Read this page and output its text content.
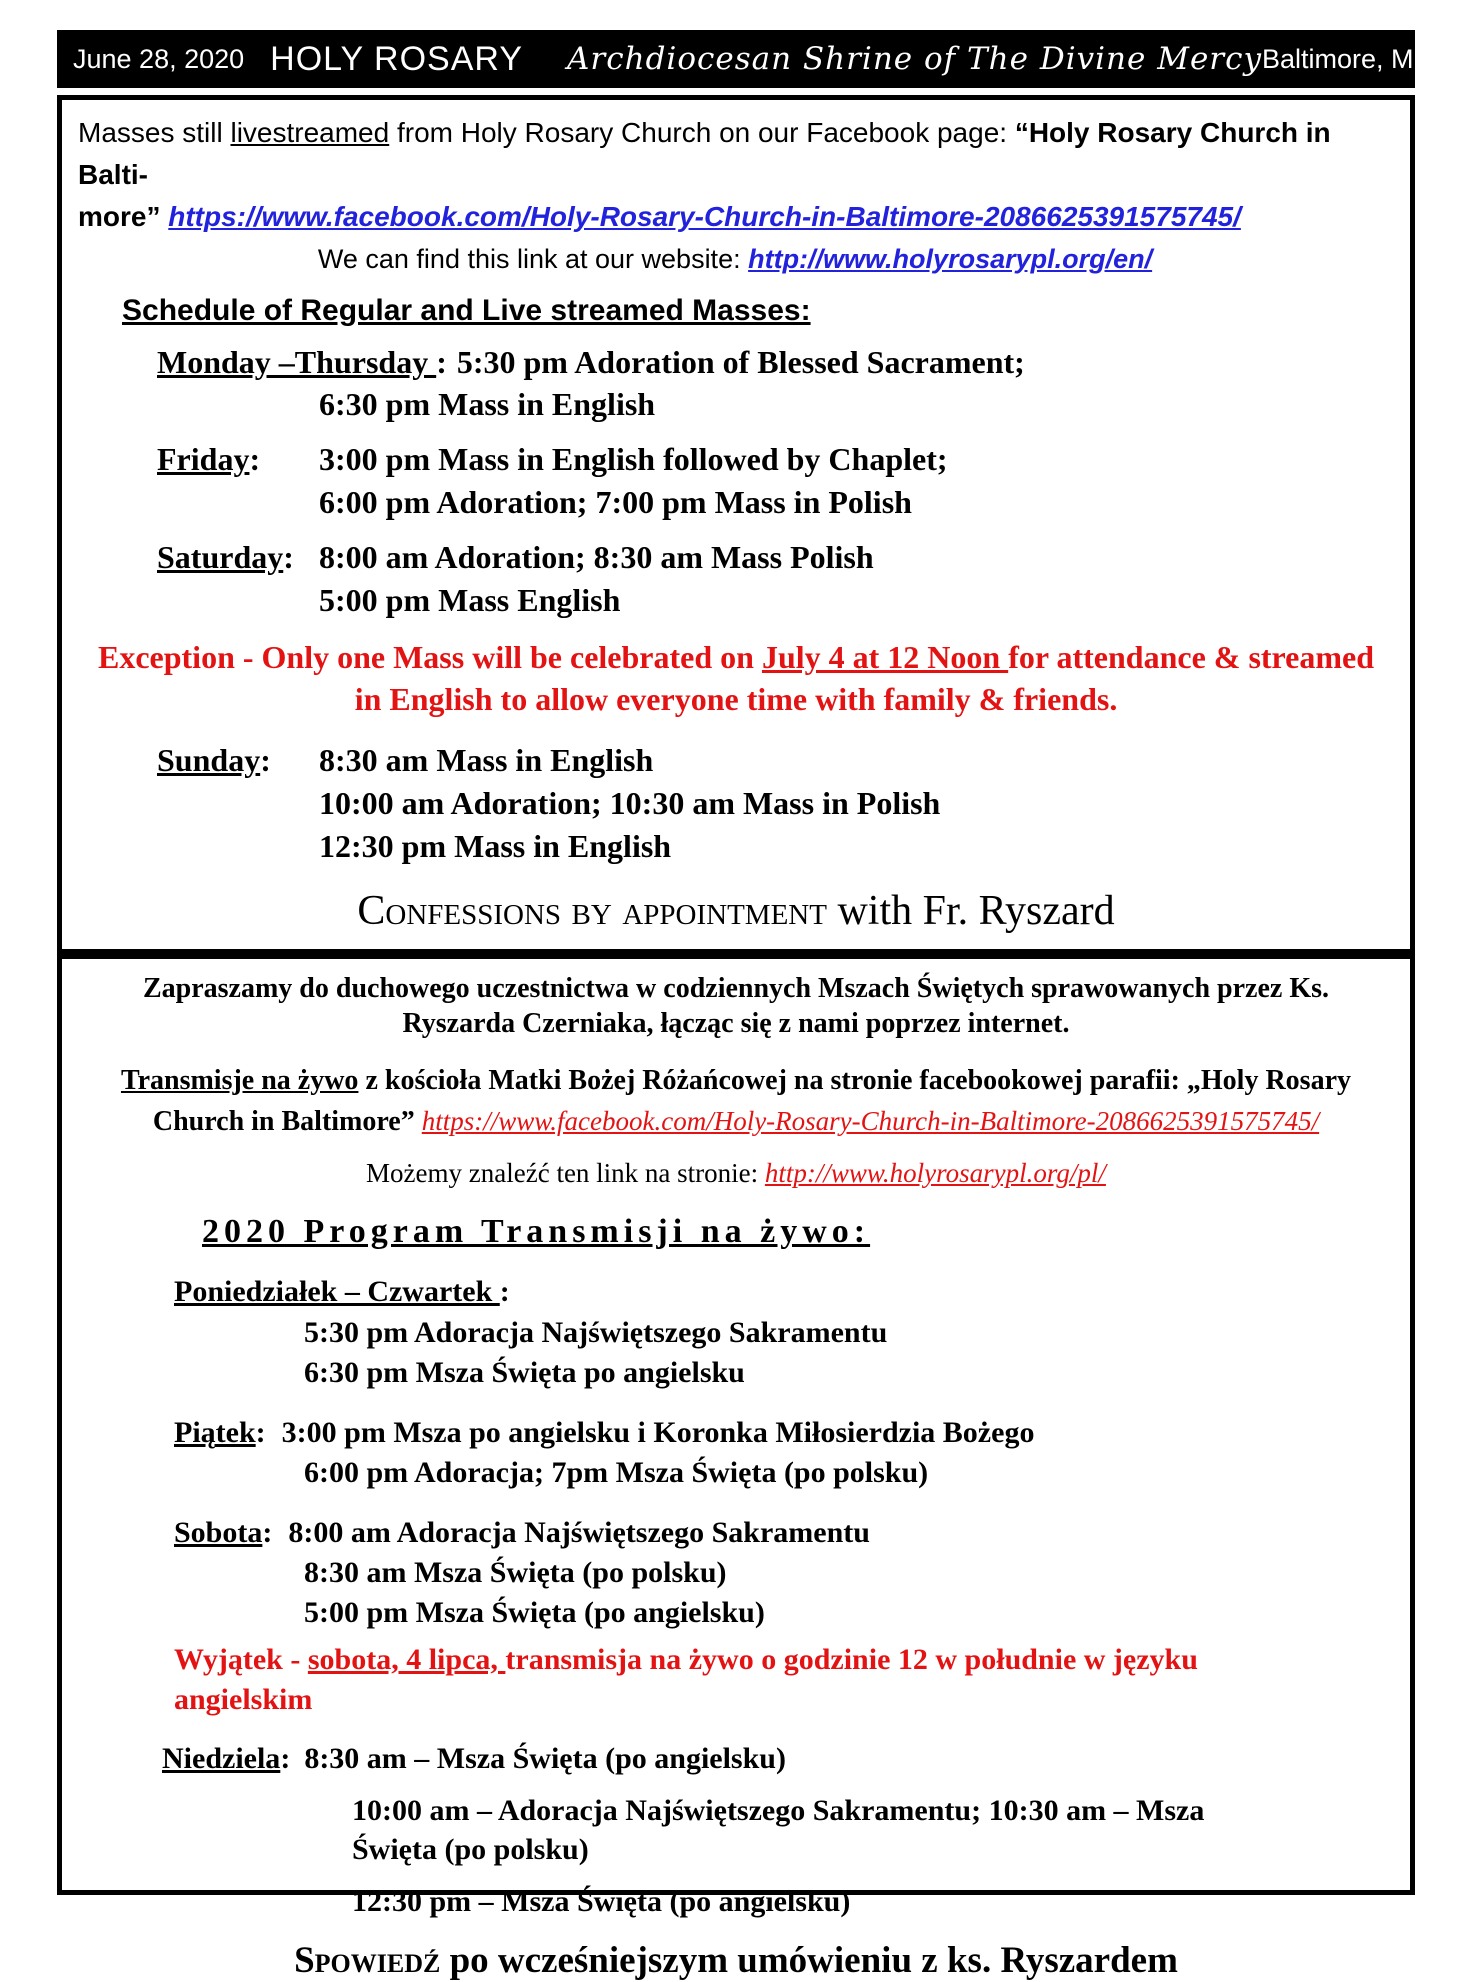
June 28, 2020 HOLY ROSARY Archdiocesan Shrine of The Divine Mercy Baltimore, MD
Masses still livestreamed from Holy Rosary Church on our Facebook page: “Holy Rosary Church in Balti-
more” https://www.facebook.com/Holy-Rosary-Church-in-Baltimore-2086625391575745/
We can find this link at our website: http://www.holyrosarypl.org/en/
Schedule of Regular and Live streamed Masses:
Monday –Thursday : 5:30 pm Adoration of Blessed Sacrament;
6:30 pm Mass in English
Friday: 3:00 pm Mass in English followed by Chaplet;
6:00 pm Adoration; 7:00 pm Mass in Polish
Saturday: 8:00 am Adoration; 8:30 am Mass Polish
5:00 pm Mass English
Exception - Only one Mass will be celebrated on July 4 at 12 Noon for attendance & streamed in English to allow everyone time with family & friends.
Sunday: 8:30 am Mass in English
10:00 am Adoration; 10:30 am Mass in Polish
12:30 pm Mass in English
Confessions by appointment with Fr. Ryszard
Zapraszamy do duchowego uczestnictwa w codziennych Mszach Świętych sprawowanych przez Ks.
Ryszarda Czerniaka, łącząc się z nami poprzez internet.
Transmisje na żywo z kościoła Matki Bożej Różańcowej na stronie facebookowej parafii: „Holy Rosary
Church in Baltimore” https://www.facebook.com/Holy-Rosary-Church-in-Baltimore-2086625391575745/
Możemy znaleźć ten link na stronie: http://www.holyrosarypl.org/pl/
2020 Program Transmisji na żywo:
Poniedziałek – Czwartek :
5:30 pm Adoracja Najświętszego Sakramentu
6:30 pm Msza Święta po angielsku
Piątek: 3:00 pm Msza po angielsku i Koronka Miłosierdzia Bożego
6:00 pm Adoracja; 7pm Msza Święta (po polsku)
Sobota: 8:00 am Adoracja Najświętszego Sakramentu
8:30 am Msza Święta (po polsku)
5:00 pm Msza Święta (po angielsku)
Wyjątek - sobota, 4 lipca, transmisja na żywo o godzinie 12 w południe w języku angielskim
Niedziela: 8:30 am – Msza Święta (po angielsku)
10:00 am – Adoracja Najświętszego Sakramentu; 10:30 am – Msza
Święta (po polsku)
12:30 pm – Msza Święta (po angielsku)
Spowiedź po wcześniejszym umówieniu z ks. Ryszardem
